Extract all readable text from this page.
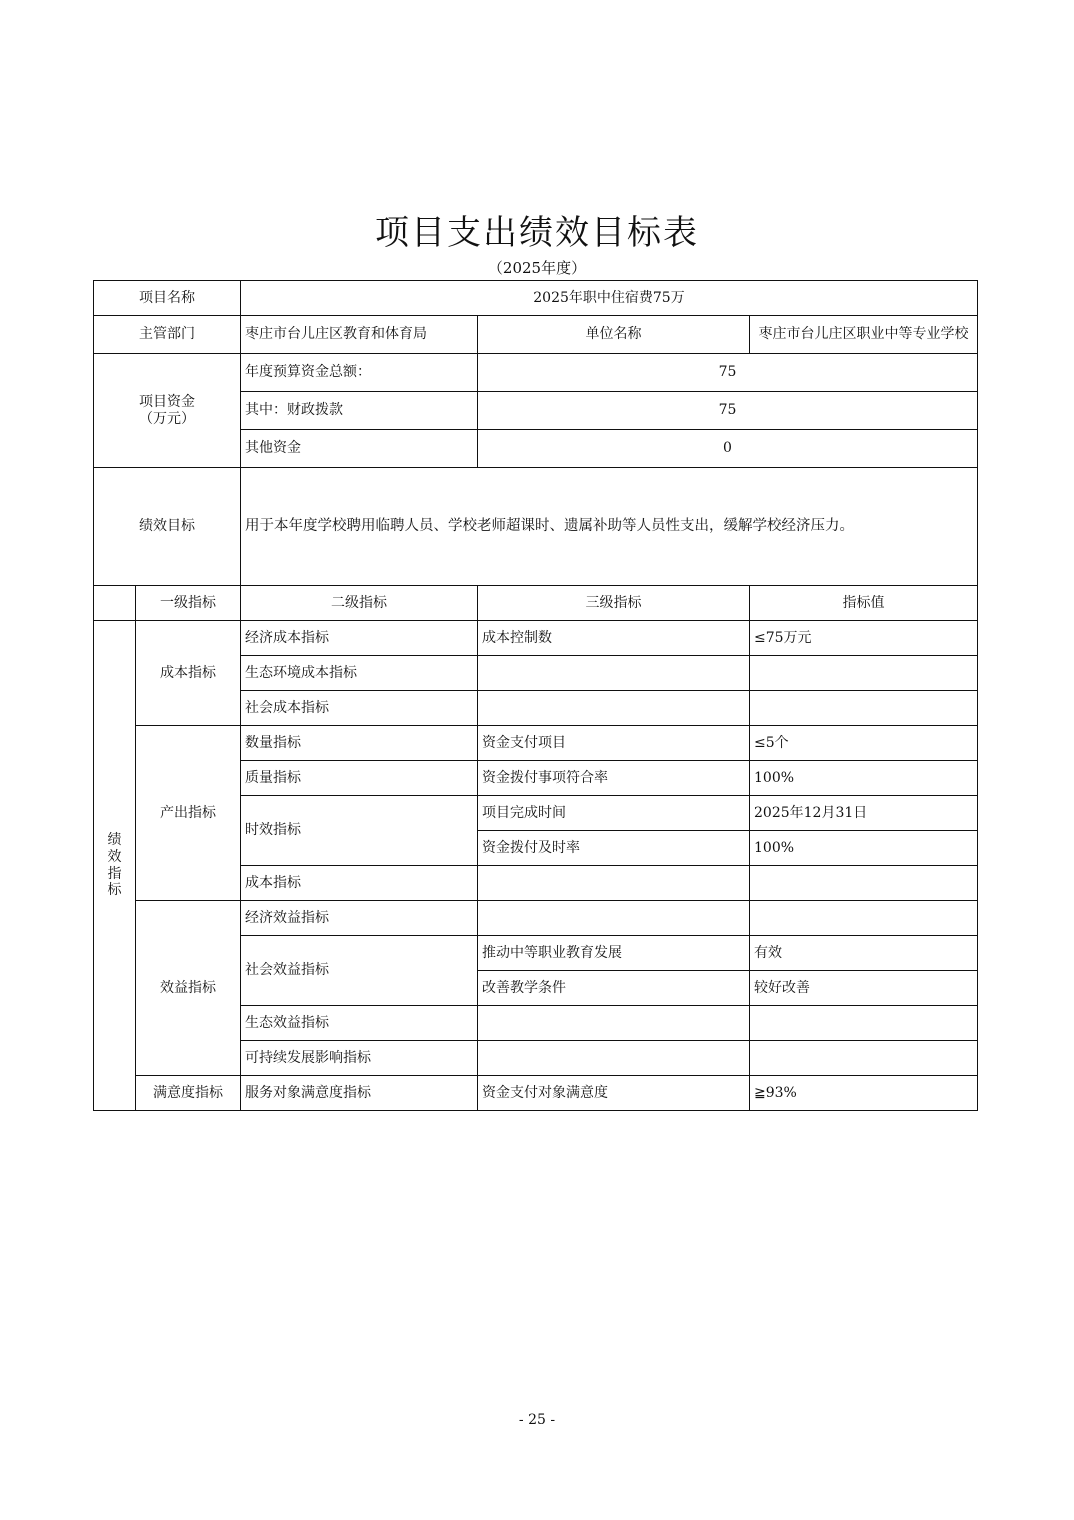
项目支出绩效目标表
（2025年度）
项目名称		2025年职中住宿费75万		
主管部门		枣庄市台儿庄区教育和体育局	单位名称	枣庄市台儿庄区职业中等专业学校

项目资金
（万元）		年度预算资金总额：	75	
		其中：财政拨款	75	
		其他资金	0	
绩效目标		用于本年度学校聘用临聘人员、学校老师超课时、遗属补助等人员性支出，缓解学校经济压力。		
	一级指标	二级指标	三级指标	指标值

绩
效
指
标	成本指标	经济成本指标	成本控制数	≤75万元
		生态环境成本指标		
		社会成本指标		
	产出指标	数量指标	资金支付项目	≤5个
		质量指标	资金拨付事项符合率	100%
		时效指标	项目完成时间	2025年12月31日
			资金拨付及时率	100%
		成本指标		
	效益指标	经济效益指标		
		社会效益指标	推动中等职业教育发展	有效
			改善教学条件	较好改善
		生态效益指标		
		可持续发展影响指标		
	满意度指标	服务对象满意度指标	资金支付对象满意度	≧93%
- 25 -
